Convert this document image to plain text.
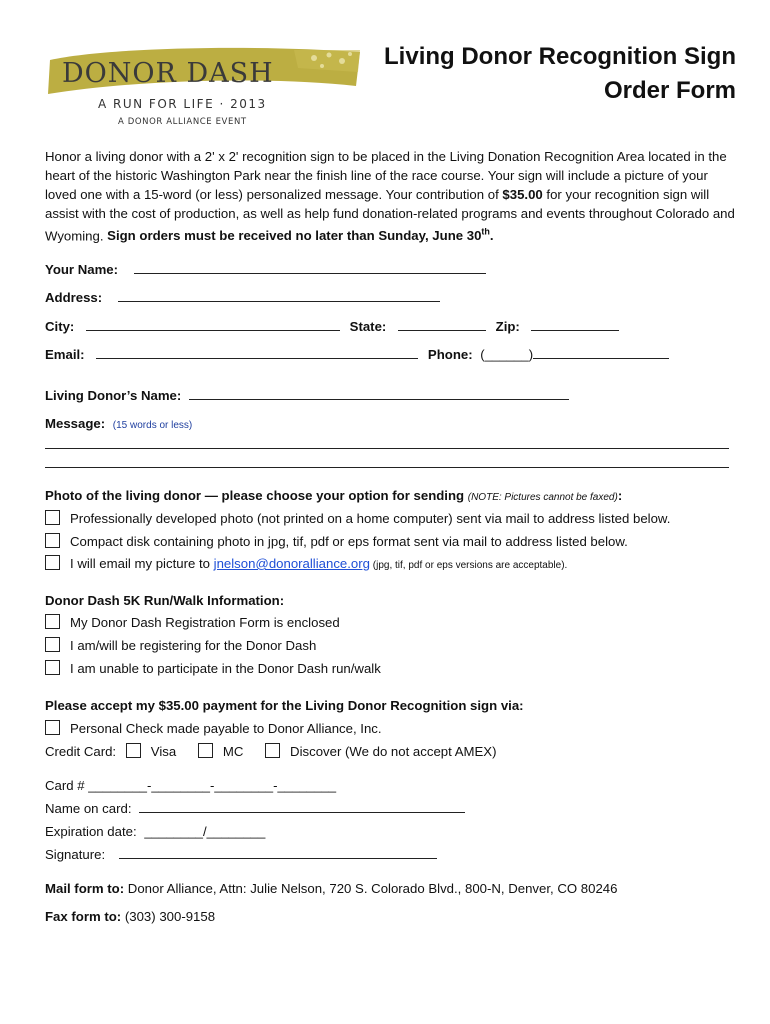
DONOR DASH
A RUN FOR LIFE · 2013
A DONOR ALLIANCE EVENT
Living Donor Recognition Sign
Order Form
Honor a living donor with a 2' x 2' recognition sign to be placed in the Living Donation Recognition Area located in the heart of the historic Washington Park near the finish line of the race course. Your sign will include a picture of your loved one with a 15-word (or less) personalized message. Your contribution of $35.00 for your recognition sign will assist with the cost of production, as well as help fund donation-related programs and events throughout Colorado and Wyoming. Sign orders must be received no later than Sunday, June 30th.
Your Name:
Address:
City:	State:	Zip:
Email:	Phone: (______)
Living Donor’s Name:
Message: (15 words or less)
Photo of the living donor — please choose your option for sending (NOTE: Pictures cannot be faxed):
Professionally developed photo (not printed on a home computer) sent via mail to address listed below.
Compact disk containing photo in jpg, tif, pdf or eps format sent via mail to address listed below.
I will email my picture to jnelson@donoralliance.org (jpg, tif, pdf or eps versions are acceptable).
Donor Dash 5K Run/Walk Information:
My Donor Dash Registration Form is enclosed
I am/will be registering for the Donor Dash
I am unable to participate in the Donor Dash run/walk
Please accept my $35.00 payment for the Living Donor Recognition sign via:
Personal Check made payable to Donor Alliance, Inc.
Credit Card:	Visa	MC	Discover (We do not accept AMEX)
Card # ________-________-________-________
Name on card:
Expiration date: ________/________
Signature:
Mail form to: Donor Alliance, Attn: Julie Nelson, 720 S. Colorado Blvd., 800-N, Denver, CO 80246
Fax form to: (303) 300-9158
